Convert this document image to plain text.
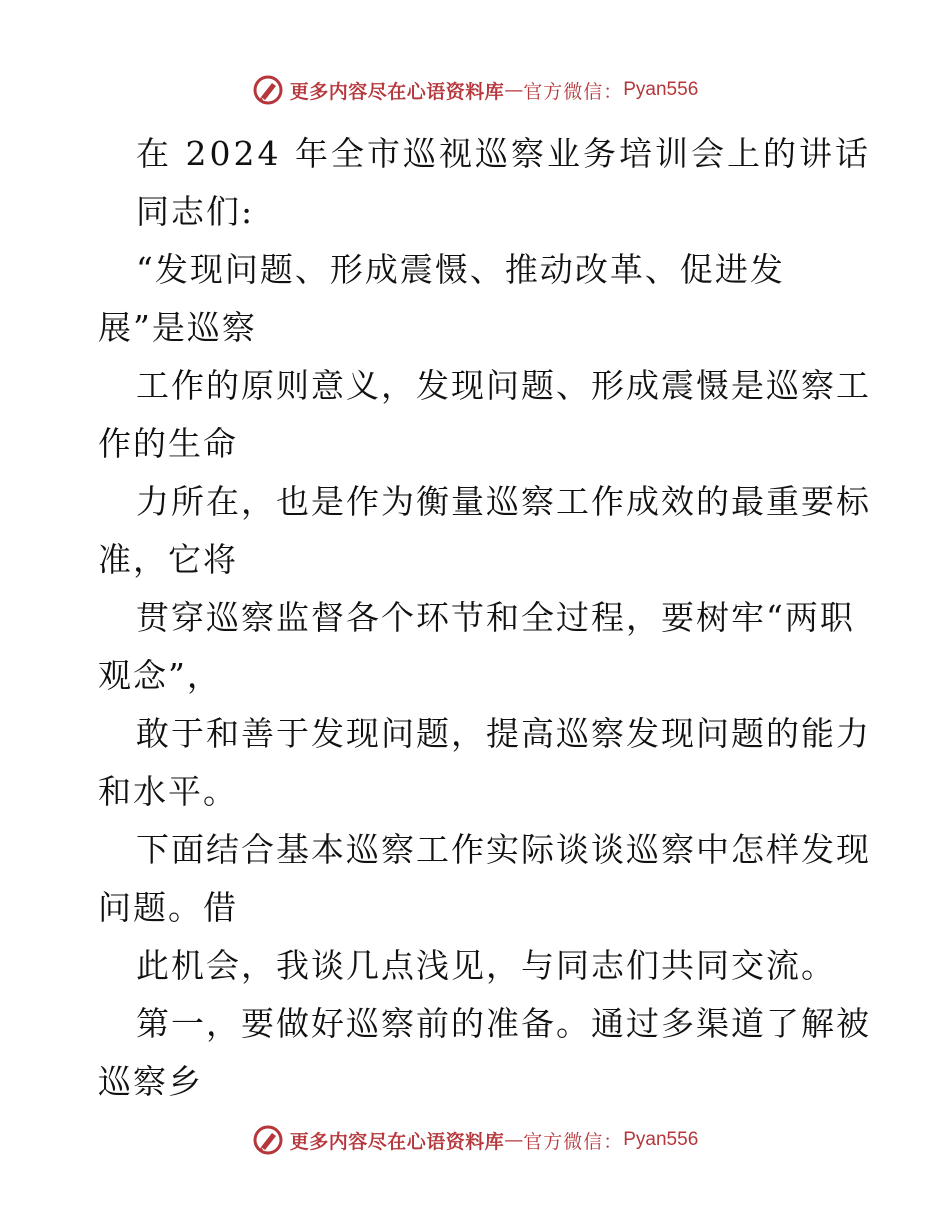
更多内容尽在心语资料库 — 官方微信： Pyan556
在 2024 年全市巡视巡察业务培训会上的讲话
同志们:
“发现问题、形成震慑、推动改革、促进发
展”是巡察
工作的原则意义，发现问题、形成震慑是巡察工
作的生命
力所在，也是作为衡量巡察工作成效的最重要标
准，它将
贯穿巡察监督各个环节和全过程，要树牢“两职
观念”，
敢于和善于发现问题，提高巡察发现问题的能力
和水平。
下面结合基本巡察工作实际谈谈巡察中怎样发现
问题。借
此机会，我谈几点浅见，与同志们共同交流。
第一，要做好巡察前的准备。通过多渠道了解被
巡察乡
更多内容尽在心语资料库 — 官方微信： Pyan556
